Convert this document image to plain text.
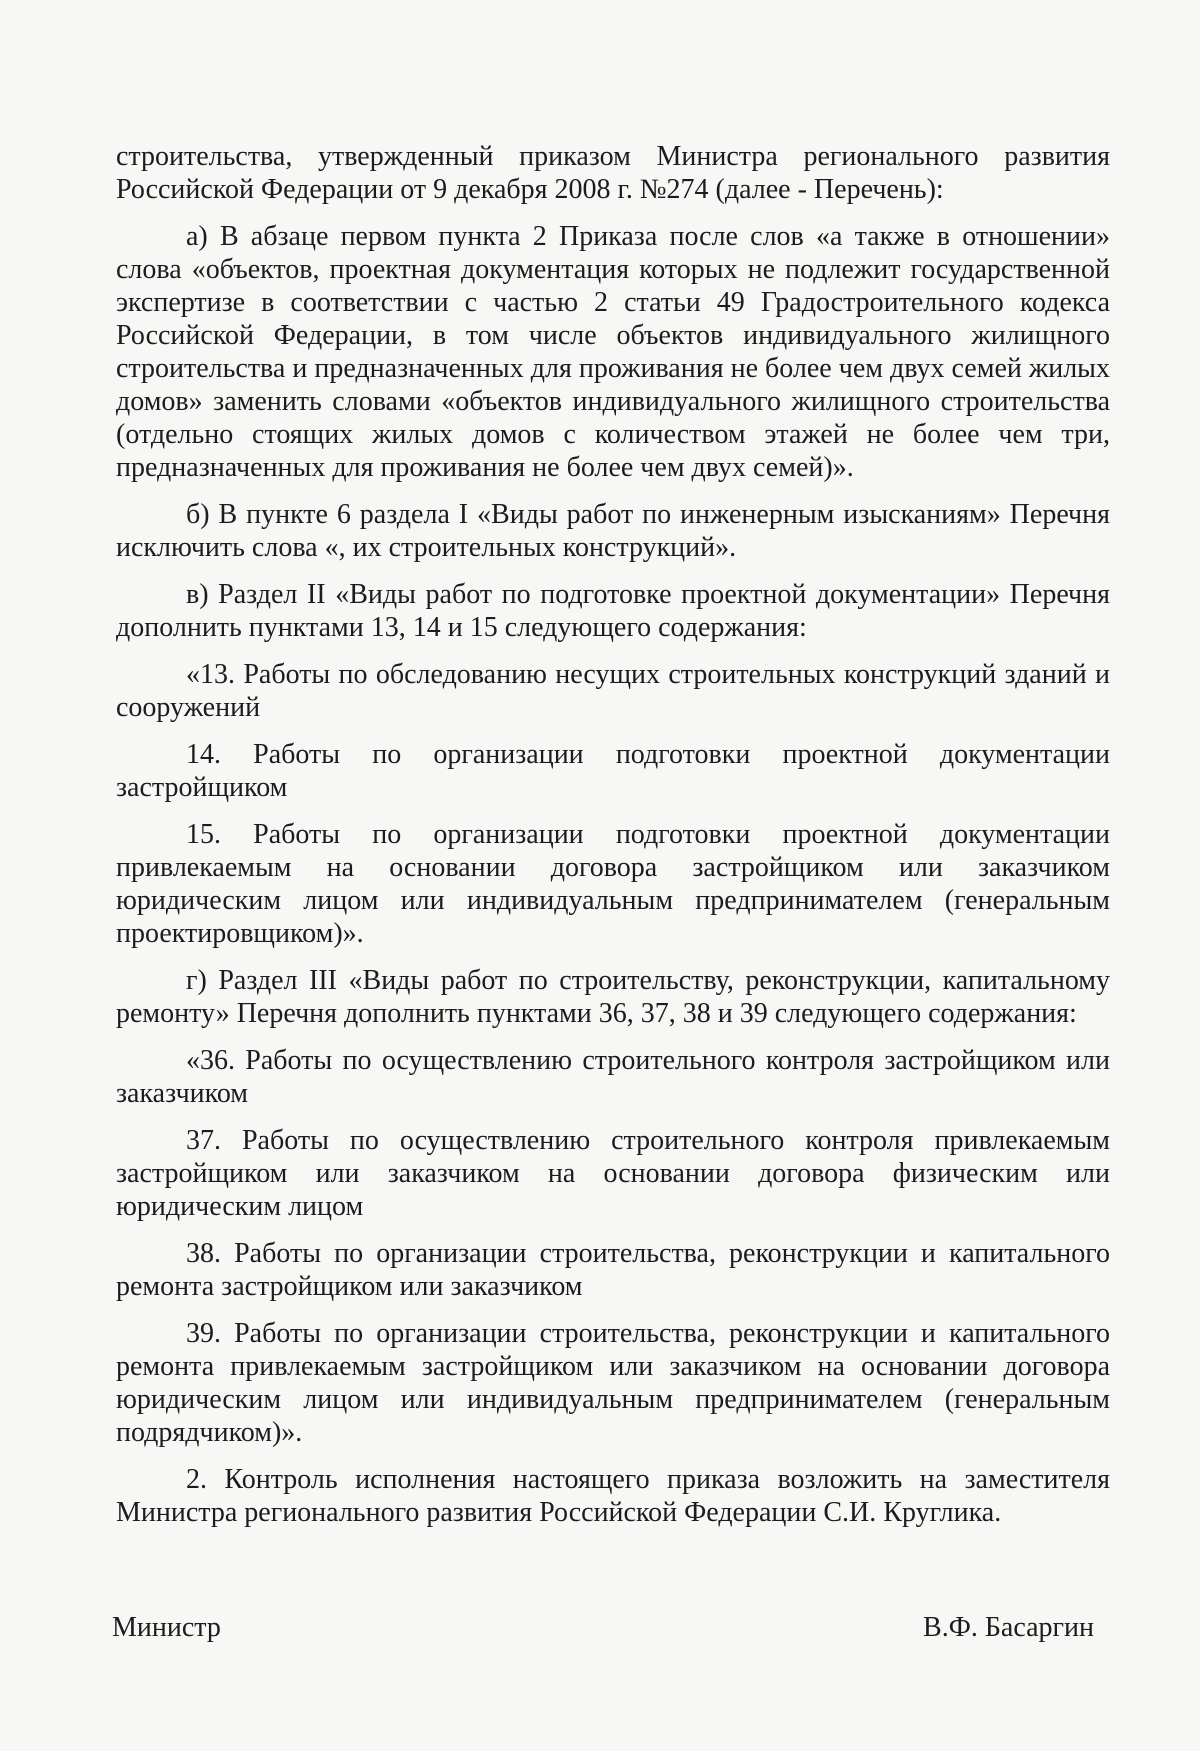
строительства, утвержденный приказом Министра регионального развития Российской Федерации от 9 декабря 2008 г. №274 (далее - Перечень):

а) В абзаце первом пункта 2 Приказа после слов «а также в отношении» слова «объектов, проектная документация которых не подлежит государственной экспертизе в соответствии с частью 2 статьи 49 Градостроительного кодекса Российской Федерации, в том числе объектов индивидуального жилищного строительства и предназначенных для проживания не более чем двух семей жилых домов» заменить словами «объектов индивидуального жилищного строительства (отдельно стоящих жилых домов с количеством этажей не более чем три, предназначенных для проживания не более чем двух семей)».

б) В пункте 6 раздела I «Виды работ по инженерным изысканиям» Перечня исключить слова «, их строительных конструкций».

в) Раздел II «Виды работ по подготовке проектной документации» Перечня дополнить пунктами 13, 14 и 15 следующего содержания:

«13. Работы по обследованию несущих строительных конструкций зданий и сооружений

14. Работы по организации подготовки проектной документации застройщиком

15. Работы по организации подготовки проектной документации привлекаемым на основании договора застройщиком или заказчиком юридическим лицом или индивидуальным предпринимателем (генеральным проектировщиком)».

г) Раздел III «Виды работ по строительству, реконструкции, капитальному ремонту» Перечня дополнить пунктами 36, 37, 38 и 39 следующего содержания:

«36. Работы по осуществлению строительного контроля застройщиком или заказчиком

37. Работы по осуществлению строительного контроля привлекаемым застройщиком или заказчиком на основании договора физическим или юридическим лицом

38. Работы по организации строительства, реконструкции и капитального ремонта застройщиком или заказчиком

39. Работы по организации строительства, реконструкции и капитального ремонта привлекаемым застройщиком или заказчиком на основании договора юридическим лицом или индивидуальным предпринимателем (генеральным подрядчиком)».

2. Контроль исполнения настоящего приказа возложить на заместителя Министра регионального развития Российской Федерации С.И. Круглика.

Министр	В.Ф. Басаргин
